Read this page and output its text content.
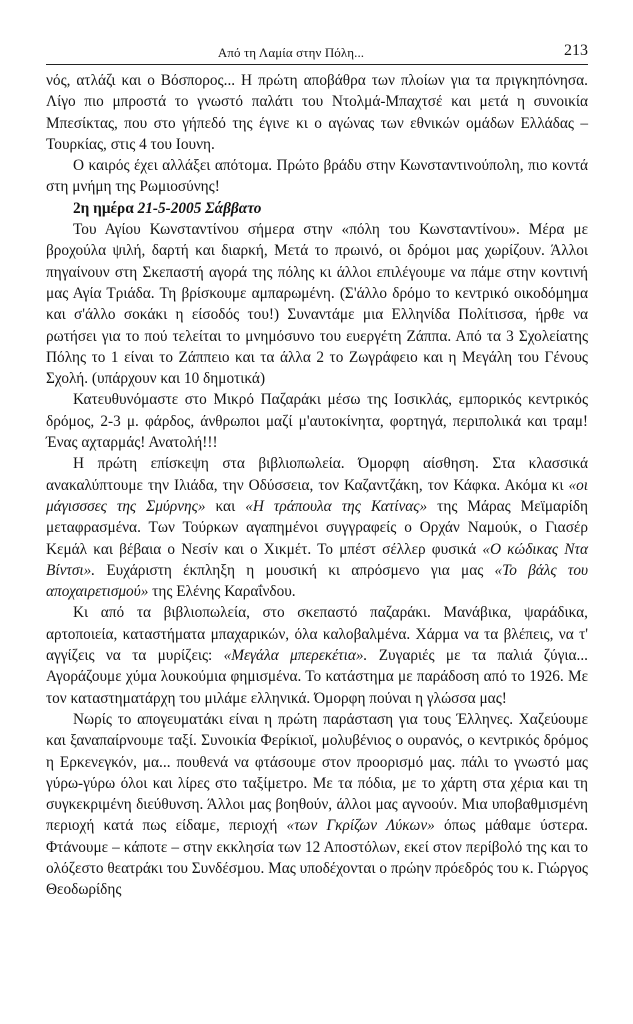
Από τη Λαμία στην Πόλη...	213

νός, ατλάζι και ο Βόσπορος... Η πρώτη αποβάθρα των πλοίων για τα πριγκηπόνησα. Λίγο πιο μπροστά το γνωστό παλάτι του Ντολμά-Μπαχτσέ και μετά η συνοικία Μπεσίκτας, που στο γήπεδό της έγινε κι ο αγώνας των εθνικών ομάδων Ελλάδας – Τουρκίας, στις 4 του Ιουνη.

Ο καιρός έχει αλλάξει απότομα. Πρώτο βράδυ στην Κωνσταντινούπολη, πιο κοντά στη μνήμη της Ρωμιοσύνης!

2η ημέρα 21-5-2005 Σάββατο

Του Αγίου Κωνσταντίνου σήμερα στην «πόλη του Κωνσταντίνου». Μέρα με βροχούλα ψιλή, δαρτή και διαρκή, Μετά το πρωινό, οι δρόμοι μας χωρίζουν. Άλλοι πηγαίνουν στη Σκεπαστή αγορά της πόλης κι άλλοι επιλέγουμε να πάμε στην κοντινή μας Αγία Τριάδα. Τη βρίσκουμε αμπαρωμένη. (Σ'άλλο δρόμο το κεντρικό οικοδόμημα και σ'άλλο σοκάκι η είσοδός του!) Συναντάμε μια Ελληνίδα Πολίτισσα, ήρθε να ρωτήσει για το πού τελείται το μνημόσυνο του ευεργέτη Ζάππα. Από τα 3 Σχολείατης Πόλης το 1 είναι το Ζάππειο και τα άλλα 2 το Ζωγράφειο και η Μεγάλη του Γένους Σχολή. (υπάρχουν και 10 δημοτικά)

Κατευθυνόμαστε στο Μικρό Παζαράκι μέσω της Ιοσικλάς, εμπορικός κεντρικός δρόμος, 2-3 μ. φάρδος, άνθρωποι μαζί μ'αυτοκίνητα, φορτηγά, περιπολικά και τραμ! Ένας αχταρμάς! Ανατολή!!!

Η πρώτη επίσκεψη στα βιβλιοπωλεία. Όμορφη αίσθηση. Στα κλασσικά ανακαλύπτουμε την Ιλιάδα, την Οδύσσεια, τον Καζαντζάκη, τον Κάφκα. Ακόμα κι «οι μάγισσσες της Σμύρνης» και «Η τράπουλα της Κατίνας» της Μάρας Μεϊμαρίδη μεταφρασμένα. Των Τούρκων αγαπημένοι συγγραφείς ο Ορχάν Ναμούκ, ο Γιασέρ Κεμάλ και βέβαια ο Νεσίν και ο Χικμέτ. Το μπέστ σέλλερ φυσικά «Ο κώδικας Ντα Βίντσι». Ευχάριστη έκπληξη η μουσική κι απρόσμενο για μας «Το βάλς του αποχαιρετισμού» της Ελένης Καραΐνδου.

Κι από τα βιβλιοπωλεία, στο σκεπαστό παζαράκι. Μανάβικα, ψαράδικα, αρτοποιεία, καταστήματα μπαχαρικών, όλα καλοβαλμένα. Χάρμα να τα βλέπεις, να τ' αγγίζεις να τα μυρίζεις: «Μεγάλα μπερεκέτια». Ζυγαριές με τα παλιά ζύγια... Αγοράζουμε χύμα λουκούμια φημισμένα. Το κατάστημα με παράδοση από το 1926. Με τον καταστηματάρχη του μιλάμε ελληνικά. Όμορφη πούναι η γλώσσα μας!

Νωρίς το απογευματάκι είναι η πρώτη παράσταση για τους Έλληνες. Χαζεύουμε και ξαναπαίρνουμε ταξί. Συνοικία Φερίκιοϊ, μολυβένιος ο ουρανός, ο κεντρικός δρόμος η Ερκενεγκόν, μα... πουθενά να φτάσουμε στον προορισμό μας. πάλι το γνωστό μας γύρω-γύρω όλοι και λίρες στο ταξίμετρο. Με τα πόδια, με το χάρτη στα χέρια και τη συγκεκριμένη διεύθυνση. Άλλοι μας βοηθούν, άλλοι μας αγνοούν. Μια υποβαθμισμένη περιοχή κατά πως είδαμε, περιοχή «των Γκρίζων Λύκων» όπως μάθαμε ύστερα. Φτάνουμε – κάποτε – στην εκκλησία των 12 Αποστόλων, εκεί στον περίβολό της και το ολόζεστο θεατράκι του Συνδέσμου. Μας υποδέχονται ο πρώην πρόεδρός του κ. Γιώργος Θεοδωρίδης
